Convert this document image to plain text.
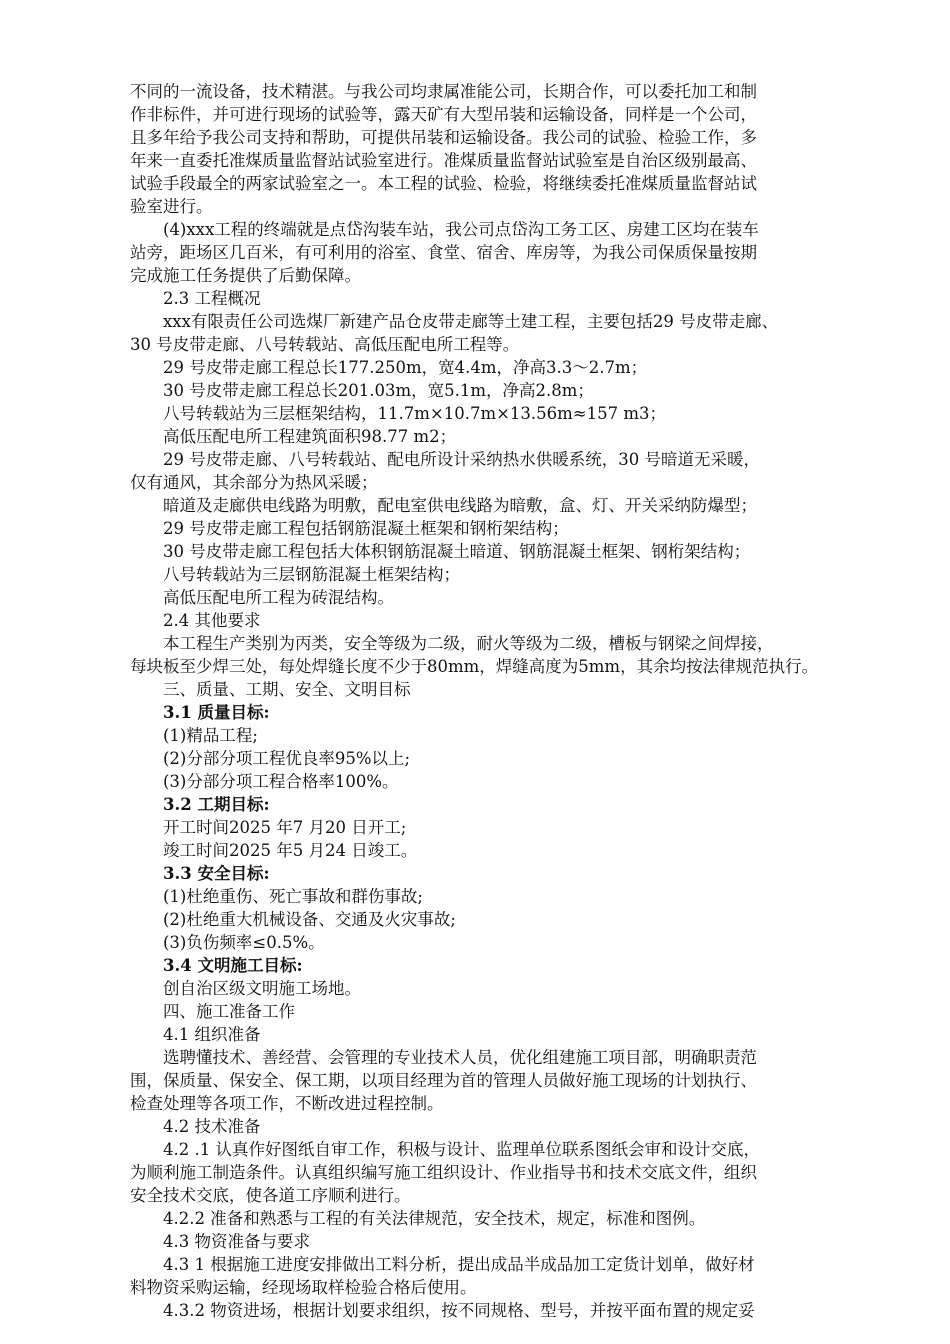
不同的一流设备，技术精湛。与我公司均隶属准能公司，长期合作，可以委托加工和制
作非标件，并可进行现场的试验等，露天矿有大型吊装和运输设备，同样是一个公司，
且多年给予我公司支持和帮助，可提供吊装和运输设备。我公司的试验、检验工作，多
年来一直委托准煤质量监督站试验室进行。准煤质量监督站试验室是自治区级别最高、
试验手段最全的两家试验室之一。本工程的试验、检验，将继续委托准煤质量监督站试
验室进行。
(4)xxx工程的终端就是点岱沟装车站，我公司点岱沟工务工区、房建工区均在装车
站旁，距场区几百米，有可利用的浴室、食堂、宿舍、库房等，为我公司保质保量按期
完成施工任务提供了后勤保障。
2.3 工程概况
xxx有限责任公司选煤厂新建产品仓皮带走廊等土建工程，主要包括29 号皮带走廊、
30 号皮带走廊、八号转载站、高低压配电所工程等。
29 号皮带走廊工程总长177.250m，宽4.4m，净高3.3～2.7m；
30 号皮带走廊工程总长201.03m，宽5.1m，净高2.8m；
八号转载站为三层框架结构，11.7m×10.7m×13.56m≈157 m3；
高低压配电所工程建筑面积98.77 m2；
29 号皮带走廊、八号转载站、配电所设计采纳热水供暖系统，30 号暗道无采暖，
仅有通风，其余部分为热风采暖；
暗道及走廊供电线路为明敷，配电室供电线路为暗敷，盒、灯、开关采纳防爆型；
29 号皮带走廊工程包括钢筋混凝土框架和钢桁架结构；
30 号皮带走廊工程包括大体积钢筋混凝土暗道、钢筋混凝土框架、钢桁架结构；
八号转载站为三层钢筋混凝土框架结构；
高低压配电所工程为砖混结构。
2.4 其他要求
本工程生产类别为丙类，安全等级为二级，耐火等级为二级，槽板与钢梁之间焊接，
每块板至少焊三处，每处焊缝长度不少于80mm，焊缝高度为5mm，其余均按法律规范执行。
三、质量、工期、安全、文明目标
3.1 质量目标:
(1)精品工程;
(2)分部分项工程优良率95%以上;
(3)分部分项工程合格率100%。
3.2 工期目标:
开工时间2025 年7 月20 日开工;
竣工时间2025 年5 月24 日竣工。
3.3 安全目标:
(1)杜绝重伤、死亡事故和群伤事故;
(2)杜绝重大机械设备、交通及火灾事故;
(3)负伤频率≤0.5%。
3.4 文明施工目标:
创自治区级文明施工场地。
四、施工准备工作
4.1 组织准备
选聘懂技术、善经营、会管理的专业技术人员，优化组建施工项目部，明确职责范
围，保质量、保安全、保工期，以项目经理为首的管理人员做好施工现场的计划执行、
检查处理等各项工作，不断改进过程控制。
4.2 技术准备
4.2 .1 认真作好图纸自审工作，积极与设计、监理单位联系图纸会审和设计交底，
为顺利施工制造条件。认真组织编写施工组织设计、作业指导书和技术交底文件，组织
安全技术交底，使各道工序顺利进行。
4.2.2 准备和熟悉与工程的有关法律规范，安全技术，规定，标准和图例。
4.3 物资准备与要求
4.3 1 根据施工进度安排做出工料分析，提出成品半成品加工定货计划单，做好材
料物资采购运输，经现场取样检验合格后使用。
4.3.2 物资进场，根据计划要求组织，按不同规格、型号，并按平面布置的规定妥
